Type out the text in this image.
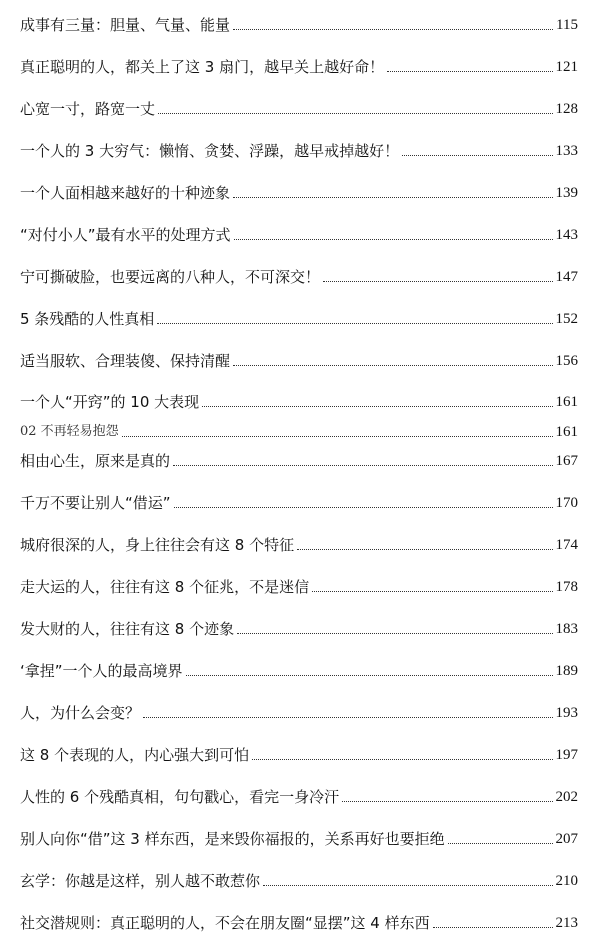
成事有三量：胆量、气量、能量	115
真正聪明的人，都关上了这 3 扇门，越早关上越好命！	121
心宽一寸，路宽一丈	128
一个人的 3 大穷气：懒惰、贪婪、浮躁，越早戒掉越好！	133
一个人面相越来越好的十种迹象	139
“对付小人”最有水平的处理方式	143
宁可撕破脸，也要远离的八种人，不可深交！	147
5 条残酷的人性真相	152
适当服软、合理装傻、保持清醒	156
一个人“开窍”的 10 大表现	161
02 不再轻易抱怨	161
相由心生，原来是真的	167
千万不要让别人“借运”	170
城府很深的人，身上往往会有这 8 个特征	174
走大运的人，往往有这 8 个征兆，不是迷信	178
发大财的人，往往有这 8 个迹象	183
‘拿捏”一个人的最高境界	189
人，为什么会变？	193
这 8 个表现的人，内心强大到可怕	197
人性的 6 个残酷真相，句句戳心，看完一身冷汗	202
别人向你“借”这 3 样东西，是来毁你福报的，关系再好也要拒绝	207
玄学：你越是这样，别人越不敢惹你	210
社交潜规则：真正聪明的人，不会在朋友圈“显摆”这 4 样东西	213
